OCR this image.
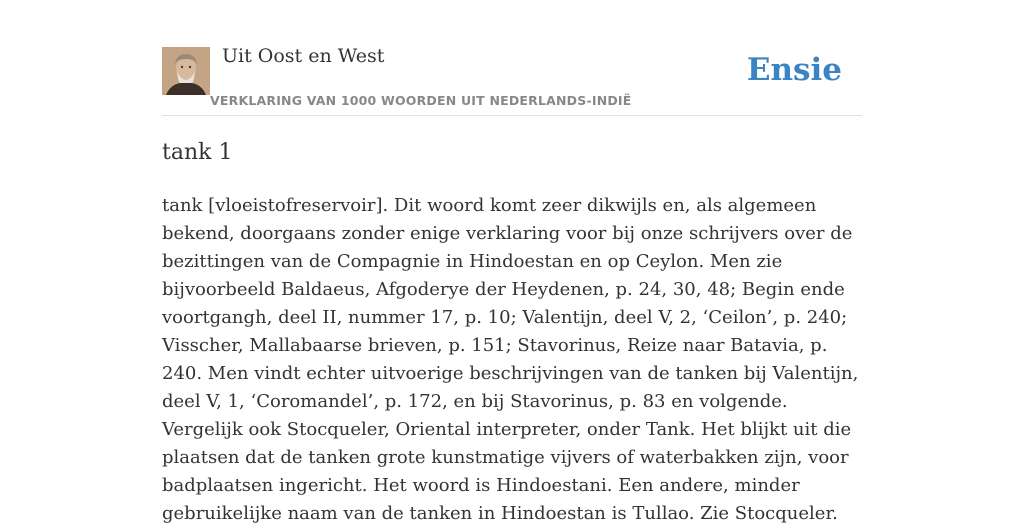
Uit Oost en West
VERKLARING VAN 1000 WOORDEN UIT NEDERLANDS-INDIË
Ensie
tank 1

tank [vloeistofreservoir]. Dit woord komt zeer dikwijls en, als algemeen bekend, doorgaans zonder enige verklaring voor bij onze schrijvers over de bezittingen van de Compagnie in Hindoestan en op Ceylon. Men zie bijvoorbeeld Baldaeus, Afgoderye der Heydenen, p. 24, 30, 48; Begin ende voortgangh, deel II, nummer 17, p. 10; Valentijn, deel V, 2, ‘Ceilon’, p. 240; Visscher, Mallabaarse brieven, p. 151; Stavorinus, Reize naar Batavia, p. 240. Men vindt echter uitvoerige beschrijvingen van de tanken bij Valentijn, deel V, 1, ‘Coromandel’, p. 172, en bij Stavorinus, p. 83 en volgende. Vergelijk ook Stocqueler, Oriental interpreter, onder Tank. Het blijkt uit die plaatsen dat de tanken grote kunstmatige vijvers of waterbakken zijn, voor badplaatsen ingericht. Het woord is Hindoestani. Een andere, minder gebruikelijke naam van de tanken in Hindoestan is Tullao. Zie Stocqueler.
